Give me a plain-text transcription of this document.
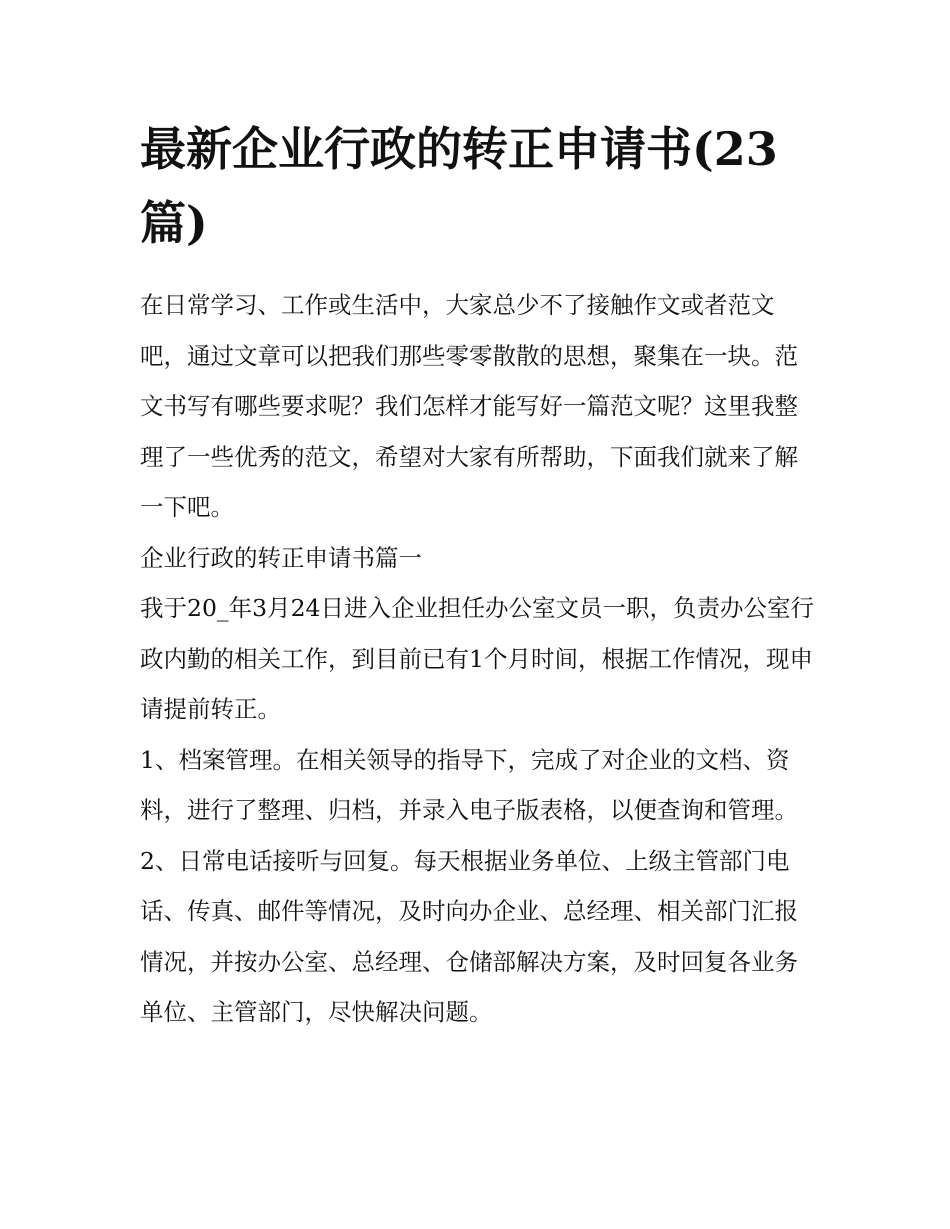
最新企业行政的转正申请书(23篇)

在日常学习、工作或生活中，大家总少不了接触作文或者范文吧，通过文章可以把我们那些零零散散的思想，聚集在一块。范文书写有哪些要求呢？我们怎样才能写好一篇范文呢？这里我整理了一些优秀的范文，希望对大家有所帮助，下面我们就来了解一下吧。

企业行政的转正申请书篇一

我于20_年3月24日进入企业担任办公室文员一职，负责办公室行政内勤的相关工作，到目前已有1个月时间，根据工作情况，现申请提前转正。

1、档案管理。在相关领导的指导下，完成了对企业的文档、资料，进行了整理、归档，并录入电子版表格，以便查询和管理。

2、日常电话接听与回复。每天根据业务单位、上级主管部门电话、传真、邮件等情况，及时向办企业、总经理、相关部门汇报情况，并按办公室、总经理、仓储部解决方案，及时回复各业务单位、主管部门，尽快解决问题。
